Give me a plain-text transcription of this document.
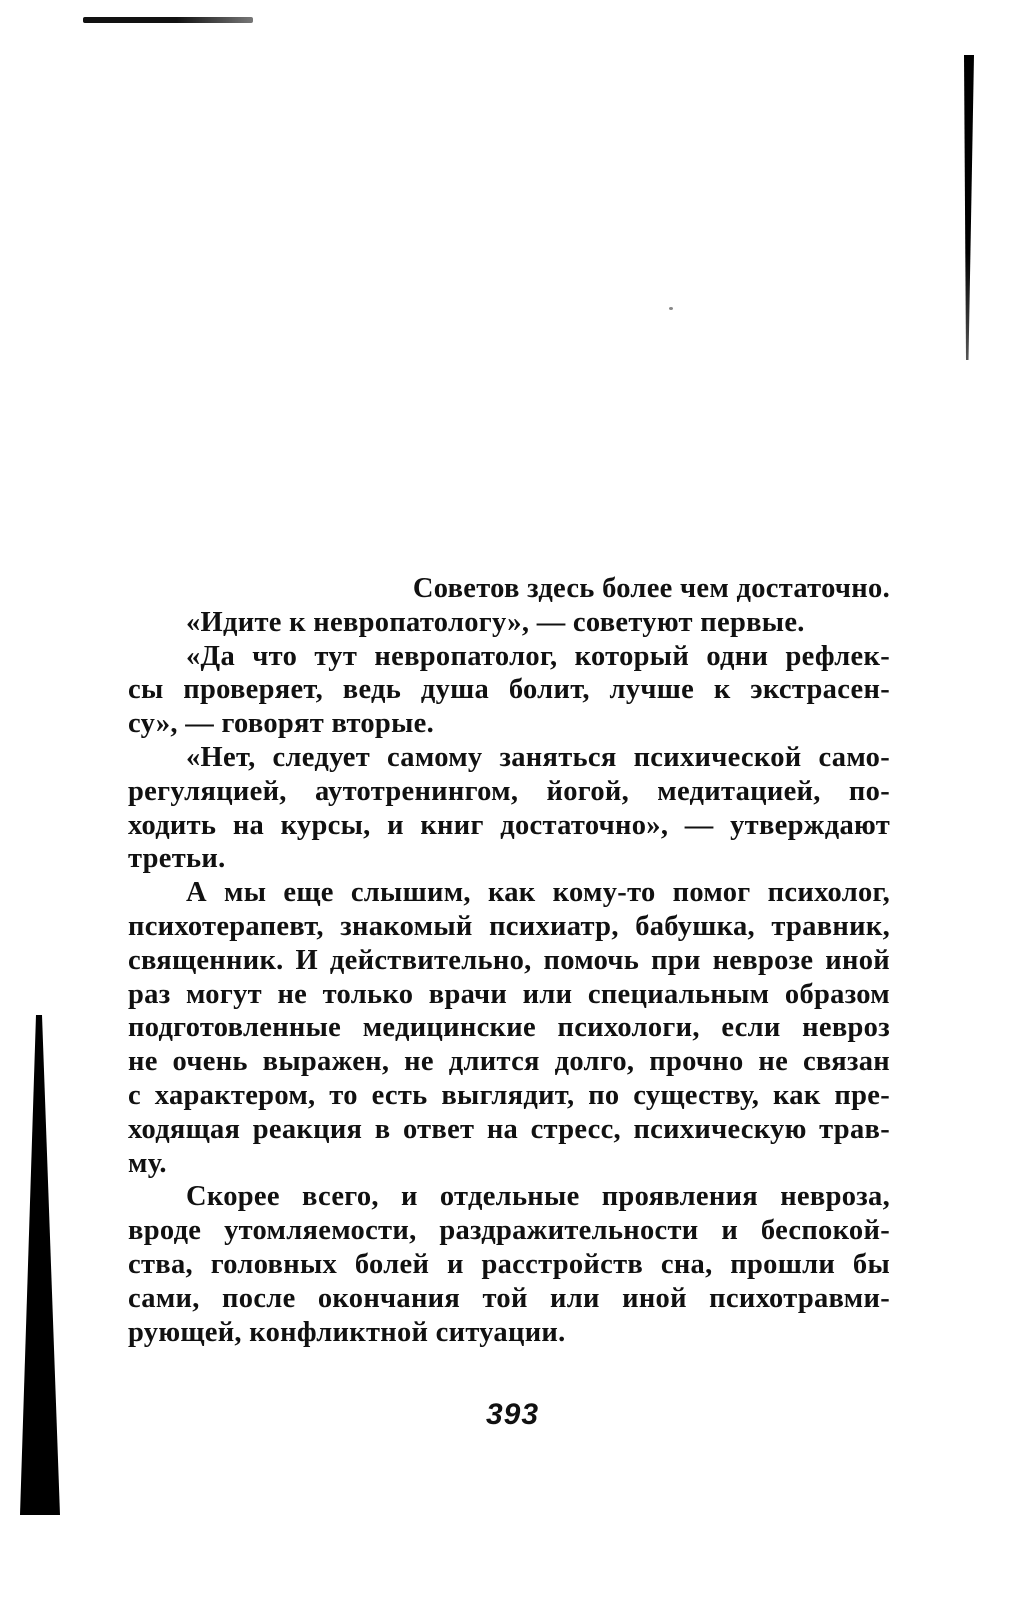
Советов здесь более чем достаточно.
«Идите к невропатологу», — советуют первые.
«Да что тут невропатолог, который одни рефлек-
сы проверяет, ведь душа болит, лучше к экстрасен-
су», — говорят вторые.
«Нет, следует самому заняться психической само-
регуляцией, аутотренингом, йогой, медитацией, по-
ходить на курсы, и книг достаточно», — утверждают
третьи.
А мы еще слышим, как кому-то помог психолог,
психотерапевт, знакомый психиатр, бабушка, травник,
священник. И действительно, помочь при неврозе иной
раз могут не только врачи или специальным образом
подготовленные медицинские психологи, если невроз
не очень выражен, не длится долго, прочно не связан
с характером, то есть выглядит, по существу, как пре-
ходящая реакция в ответ на стресс, психическую трав-
му.
Скорее всего, и отдельные проявления невроза,
вроде утомляемости, раздражительности и беспокой-
ства, головных болей и расстройств сна, прошли бы
сами, после окончания той или иной психотравми-
рующей, конфликтной ситуации.
393
